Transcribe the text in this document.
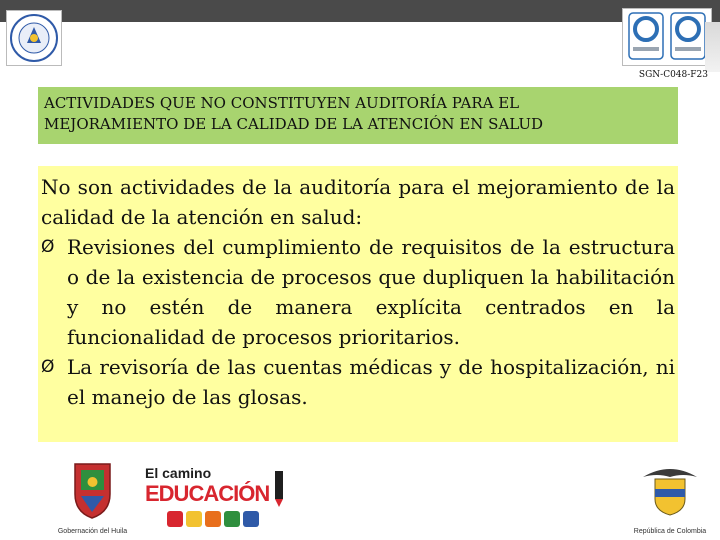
SGN-C048-F23
ACTIVIDADES QUE NO CONSTITUYEN AUDITORÍA PARA EL
MEJORAMIENTO DE LA CALIDAD DE LA ATENCIÓN EN SALUD

No son actividades de la auditoría para el mejoramiento de la calidad de la atención en salud:

Ø Revisiones del cumplimiento de requisitos de la estructura o de la existencia de procesos que dupliquen la habilitación y no estén de manera explícita centrados en la funcionalidad de procesos prioritarios.
Ø La revisoría de las cuentas médicas y de hospitalización, ni el manejo de las glosas.
Gobernación del Huila
El camino
EDUCACIÓN
República de Colombia
